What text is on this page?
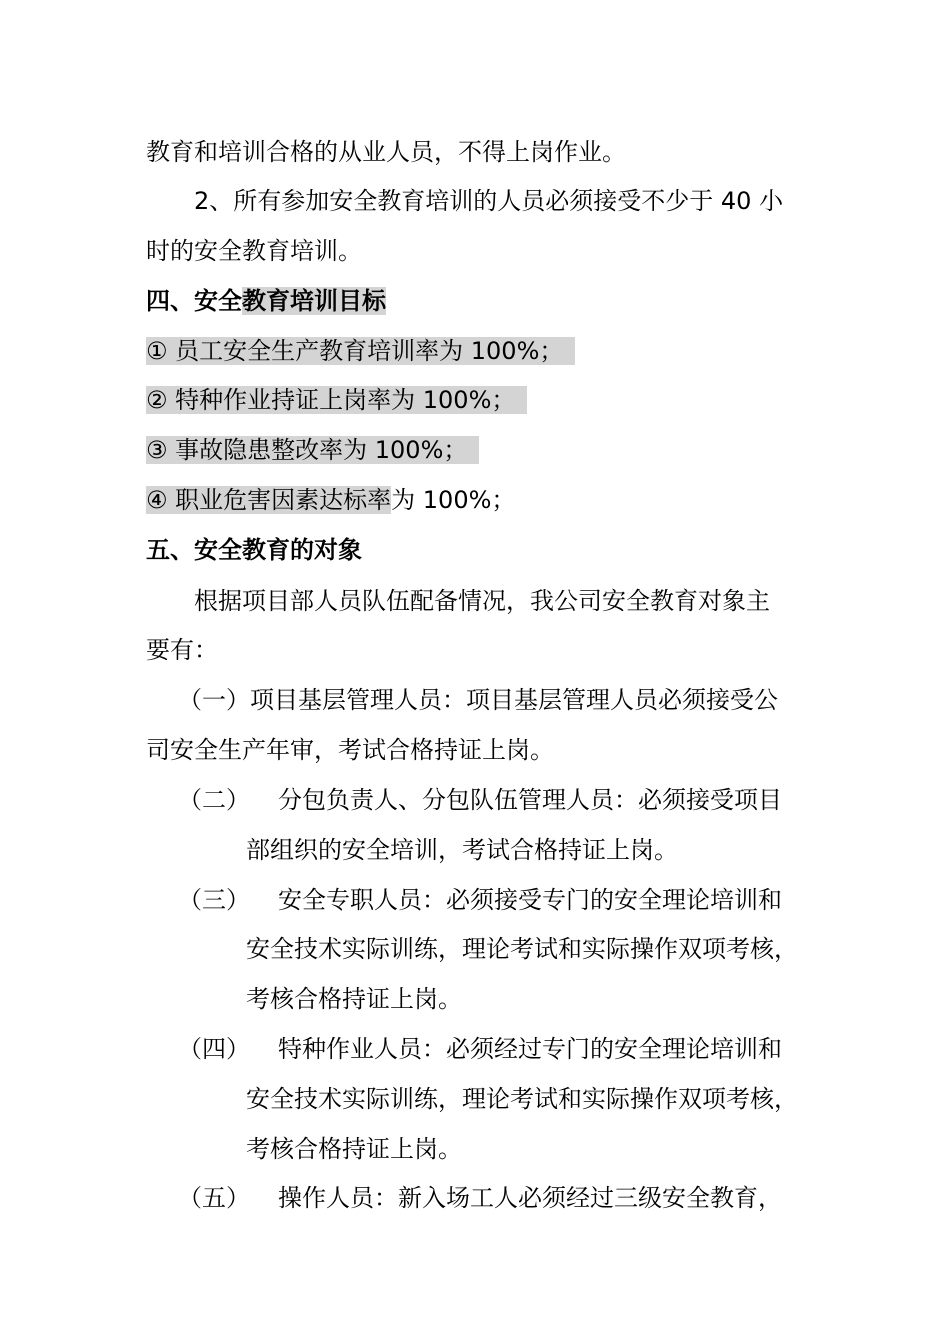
教育和培训合格的从业人员，不得上岗作业。
2、所有参加安全教育培训的人员必须接受不少于 40 小
时的安全教育培训。
四、安全教育培训目标
① 员工安全生产教育培训率为 100%；
② 特种作业持证上岗率为 100%；
③ 事故隐患整改率为 100%；
④ 职业危害因素达标率为 100%；
五、安全教育的对象
根据项目部人员队伍配备情况，我公司安全教育对象主
要有：
（一）项目基层管理人员：项目基层管理人员必须接受公
司安全生产年审，考试合格持证上岗。
（二） 分包负责人、分包队伍管理人员：必须接受项目
部组织的安全培训，考试合格持证上岗。
（三） 安全专职人员：必须接受专门的安全理论培训和
安全技术实际训练，理论考试和实际操作双项考核，
考核合格持证上岗。
（四） 特种作业人员：必须经过专门的安全理论培训和
安全技术实际训练，理论考试和实际操作双项考核，
考核合格持证上岗。
（五） 操作人员：新入场工人必须经过三级安全教育，
